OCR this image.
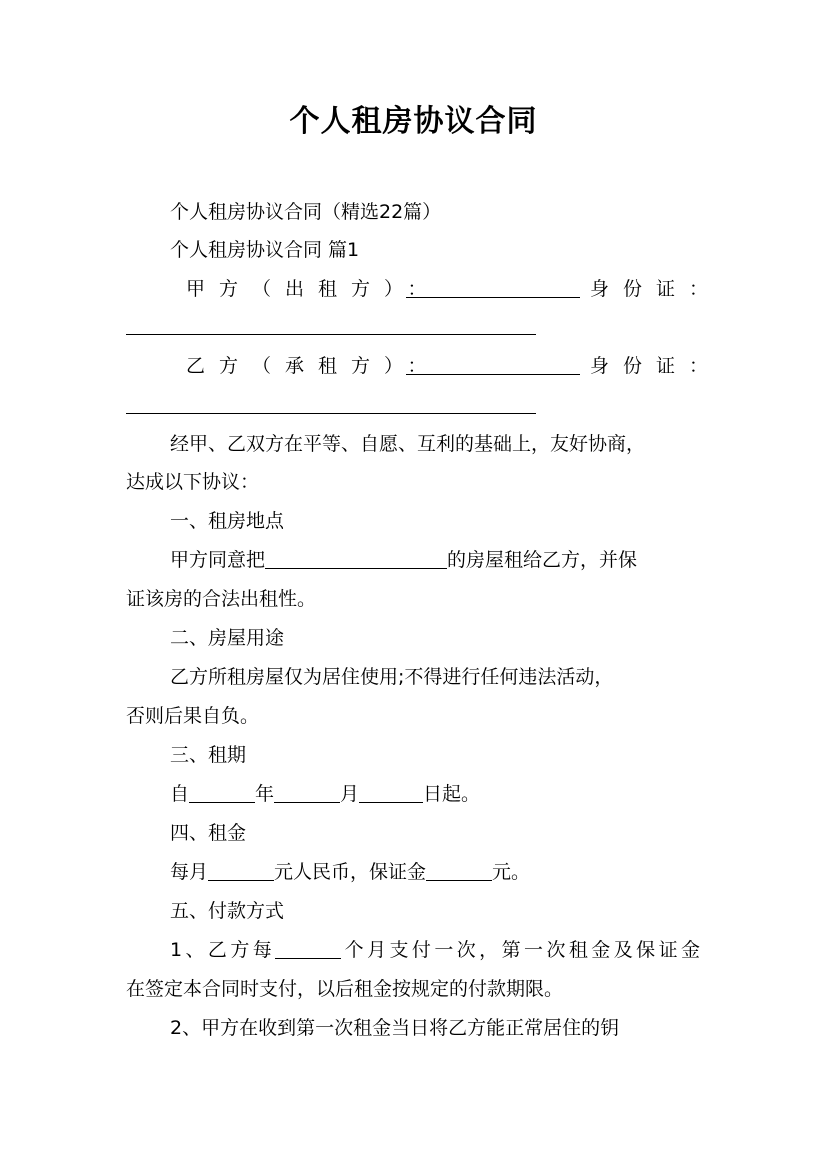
个人租房协议合同
个人租房协议合同（精选22篇）
个人租房协议合同 篇1
甲方（出租方）：	身份证：
乙方（承租方）：	身份证：
经甲、乙双方在平等、自愿、互利的基础上，友好协商，
达成以下协议：
一、租房地点
甲方同意把	的房屋租给乙方，并保
证该房的合法出租性。
二、房屋用途
乙方所租房屋仅为居住使用;不得进行任何违法活动，
否则后果自负。
三、租期
自	年	月	日起。
四、租金
每月	元人民币，保证金	元。
五、付款方式
1、乙方每	个月支付一次，第一次租金及保证金
在签定本合同时支付，以后租金按规定的付款期限。
2、甲方在收到第一次租金当日将乙方能正常居住的钥
